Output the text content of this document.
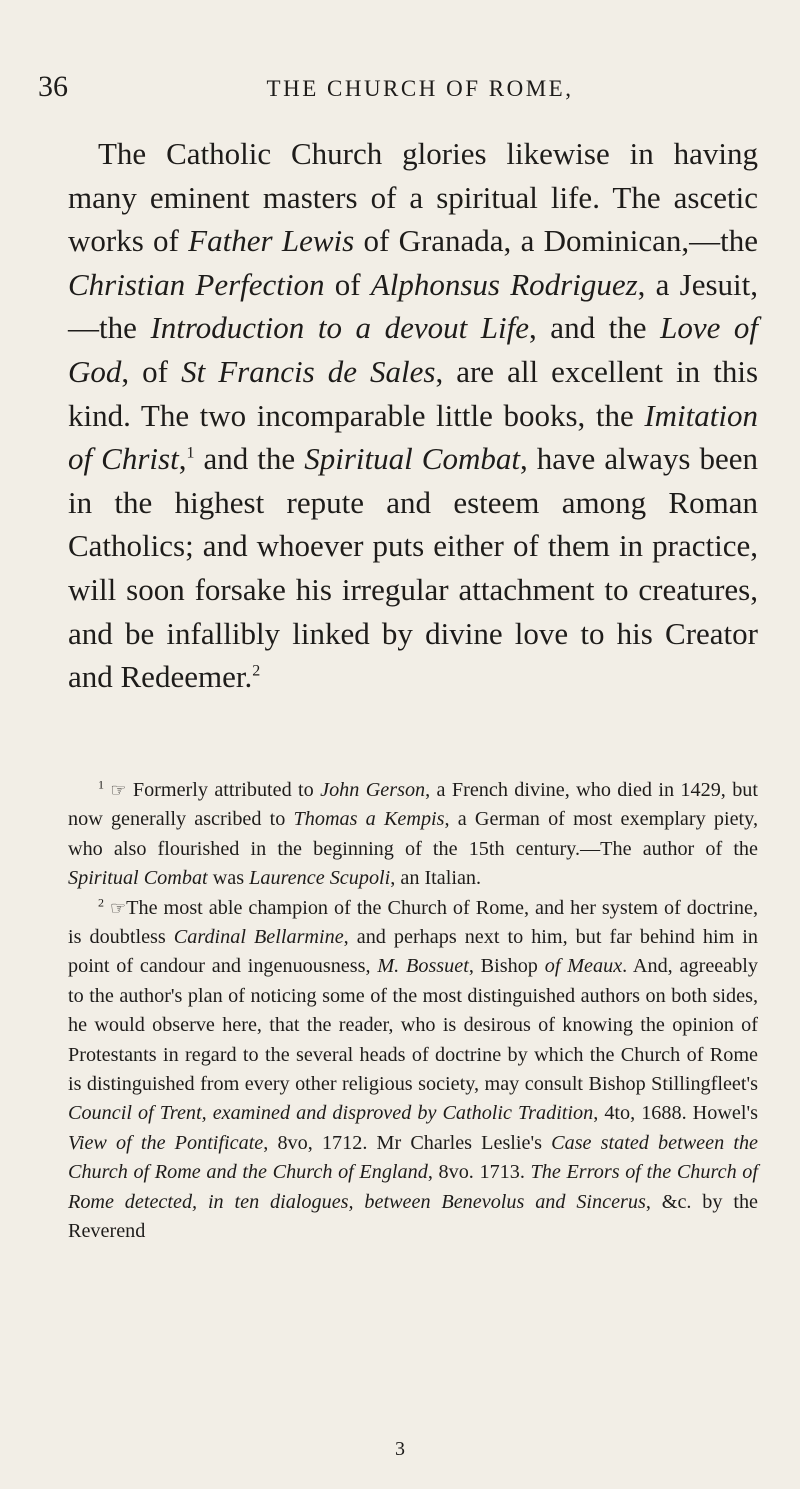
36	THE CHURCH OF ROME,

The Catholic Church glories likewise in having many eminent masters of a spiritual life. The ascetic works of Father Lewis of Granada, a Dominican,—the Christian Perfection of Alphonsus Rodriguez, a Jesuit,—the Introduction to a devout Life, and the Love of God, of St Francis de Sales, are all excellent in this kind. The two incomparable little books, the Imitation of Christ,$^1$ and the Spiritual Combat, have always been in the highest repute and esteem among Roman Catholics; and whoever puts either of them in practice, will soon forsake his irregular attachment to creatures, and be infallibly linked by divine love to his Creator and Redeemer.$^2$

$^1$ ☞ Formerly attributed to John Gerson, a French divine, who died in 1429, but now generally ascribed to Thomas a Kempis, a German of most exemplary piety, who also flourished in the beginning of the 15th century.—The author of the Spiritual Combat was Laurence Scupoli, an Italian.

$^2$ ☞The most able champion of the Church of Rome, and her system of doctrine, is doubtless Cardinal Bellarmine, and perhaps next to him, but far behind him in point of candour and ingenuousness, M. Bossuet, Bishop of Meaux. And, agreeably to the author's plan of noticing some of the most distinguished authors on both sides, he would observe here, that the reader, who is desirous of knowing the opinion of Protestants in regard to the several heads of doctrine by which the Church of Rome is distinguished from every other religious society, may consult Bishop Stillingfleet's Council of Trent, examined and disproved by Catholic Tradition, 4to, 1688. Howel's View of the Pontificate, 8vo, 1712. Mr Charles Leslie's Case stated between the Church of Rome and the Church of England, 8vo. 1713. The Errors of the Church of Rome detected, in ten dialogues, between Benevolus and Sincerus, &c. by the Reverend

3
